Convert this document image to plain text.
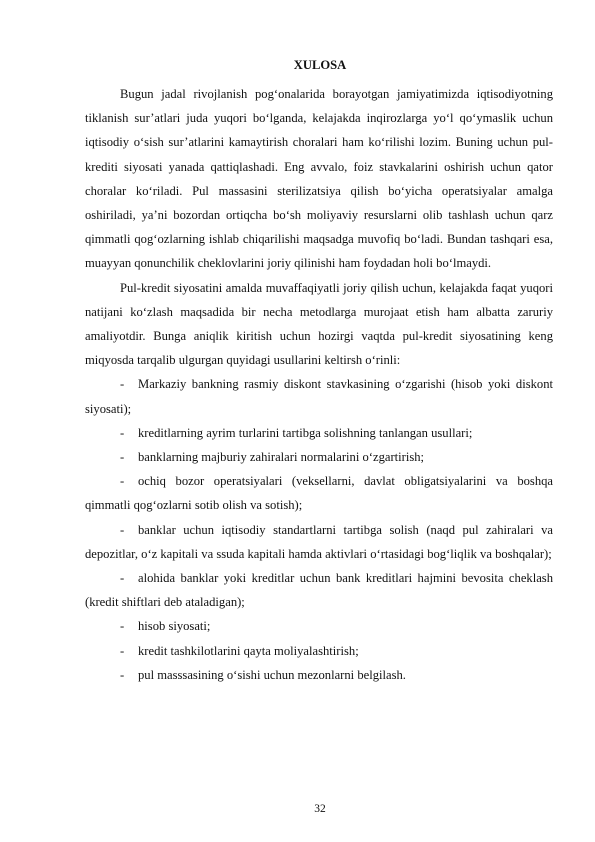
XULOSA

Bugun jadal rivojlanish pog‘onalarida borayotgan jamiyatimizda iqtisodiyotning tiklanish sur’atlari juda yuqori bo‘lganda, kelajakda inqirozlarga yo‘l qo‘ymaslik uchun iqtisodiy o‘sish sur’atlarini kamaytirish choralari ham ko‘rilishi lozim. Buning uchun pul-krediti siyosati yanada qattiqlashadi. Eng avvalo, foiz stavkalarini oshirish uchun qator choralar ko‘riladi. Pul massasini sterilizatsiya qilish bo‘yicha operatsiyalar amalga oshiriladi, ya’ni bozordan ortiqcha bo‘sh moliyaviy resurslarni olib tashlash uchun qarz qimmatli qog‘ozlarning ishlab chiqarilishi maqsadga muvofiq bo‘ladi. Bundan tashqari esa, muayyan qonunchilik cheklovlarini joriy qilinishi ham foydadan holi bo‘lmaydi.

Pul-kredit siyosatini amalda muvaffaqiyatli joriy qilish uchun, kelajakda faqat yuqori natijani ko‘zlash maqsadida bir necha metodlarga murojaat etish ham albatta zaruriy amaliyotdir. Bunga aniqlik kiritish uchun hozirgi vaqtda pul-kredit siyosatining keng miqyosda tarqalib ulgurgan quyidagi usullarini keltirsh o‘rinli:

- Markaziy bankning rasmiy diskont stavkasining o‘zgarishi (hisob yoki diskont siyosati);

- kreditlarning ayrim turlarini tartibga solishning tanlangan usullari;

- banklarning majburiy zahiralari normalarini o‘zgartirish;

- ochiq bozor operatsiyalari (veksellarni, davlat obligatsiyalarini va boshqa qimmatli qog‘ozlarni sotib olish va sotish);

- banklar uchun iqtisodiy standartlarni tartibga solish (naqd pul zahiralari va depozitlar, o‘z kapitali va ssuda kapitali hamda aktivlari o‘rtasidagi bog‘liqlik va boshqalar);

- alohida banklar yoki kreditlar uchun bank kreditlari hajmini bevosita cheklash (kredit shiftlari deb ataladigan);

- hisob siyosati;

- kredit tashkilotlarini qayta moliyalashtirish;

- pul masssasining o‘sishi uchun mezonlarni belgilash.

32
